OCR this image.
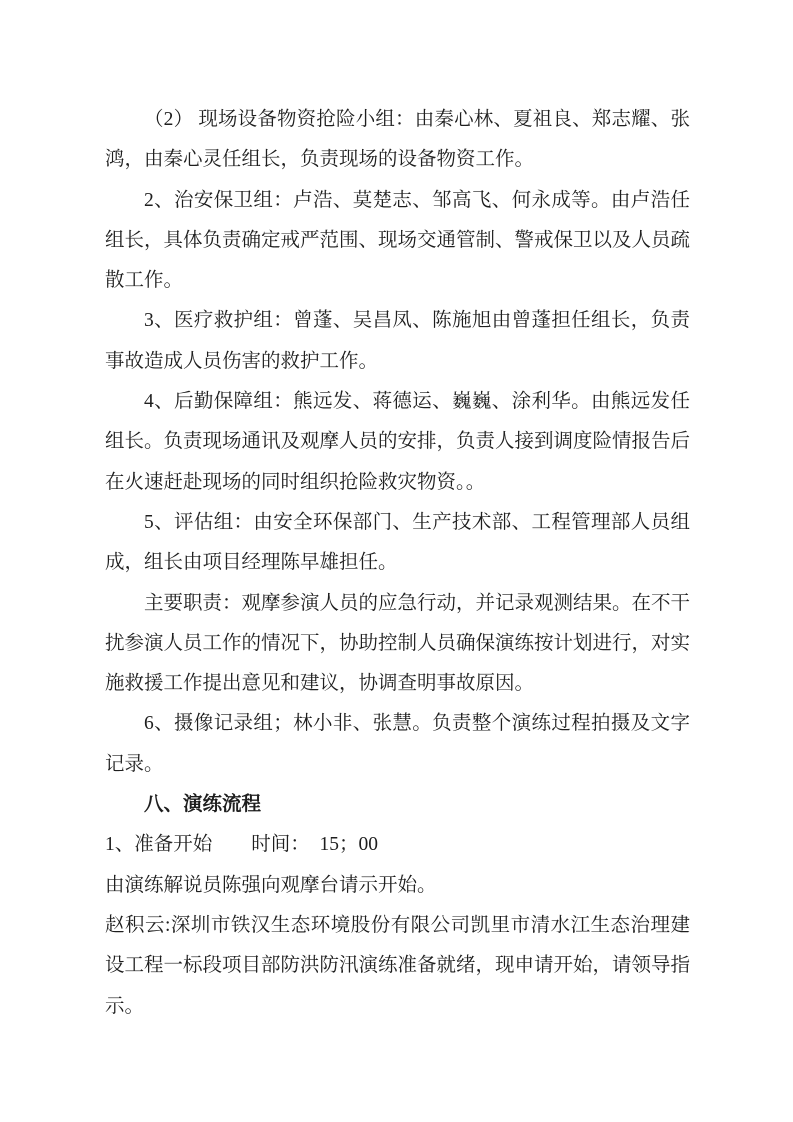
（2） 现场设备物资抢险小组：由秦心林、夏祖良、郑志耀、张鸿，由秦心灵任组长，负责现场的设备物资工作。

2、治安保卫组：卢浩、莫楚志、邹高飞、何永成等。由卢浩任组长，具体负责确定戒严范围、现场交通管制、警戒保卫以及人员疏散工作。

3、医疗救护组：曾蓬、吴昌凤、陈施旭由曾蓬担任组长，负责事故造成人员伤害的救护工作。

4、后勤保障组：熊远发、蒋德运、巍巍、涂利华。由熊远发任组长。负责现场通讯及观摩人员的安排，负责人接到调度险情报告后在火速赶赴现场的同时组织抢险救灾物资。。

5、评估组：由安全环保部门、生产技术部、工程管理部人员组成，组长由项目经理陈早雄担任。

主要职责：观摩参演人员的应急行动，并记录观测结果。在不干扰参演人员工作的情况下，协助控制人员确保演练按计划进行，对实施救援工作提出意见和建议，协调查明事故原因。

6、摄像记录组；林小非、张慧。负责整个演练过程拍摄及文字记录。

八、演练流程

1、准备开始　　时间：  15；00

由演练解说员陈强向观摩台请示开始。

赵积云:深圳市铁汉生态环境股份有限公司凯里市清水江生态治理建设工程一标段项目部防洪防汛演练准备就绪，现申请开始，请领导指示。
